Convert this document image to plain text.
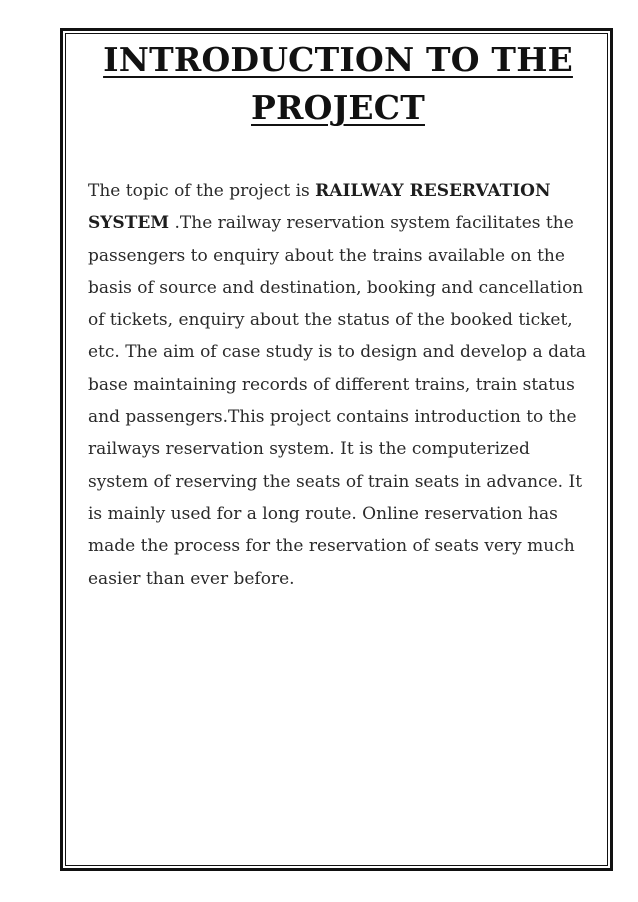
INTRODUCTION TO THE
PROJECT

The topic of the project is RAILWAY RESERVATION SYSTEM .The railway reservation system facilitates the passengers to enquiry about the trains available on the basis of source and destination, booking and cancellation of tickets, enquiry about the status of the booked ticket, etc. The aim of case study is to design and develop a data base maintaining records of different trains, train status and passengers.This project contains introduction to the railways reservation system. It is the computerized system of reserving the seats of train seats in advance. It is mainly used for a long route. Online reservation has made the process for the reservation of seats very much easier than ever before.
